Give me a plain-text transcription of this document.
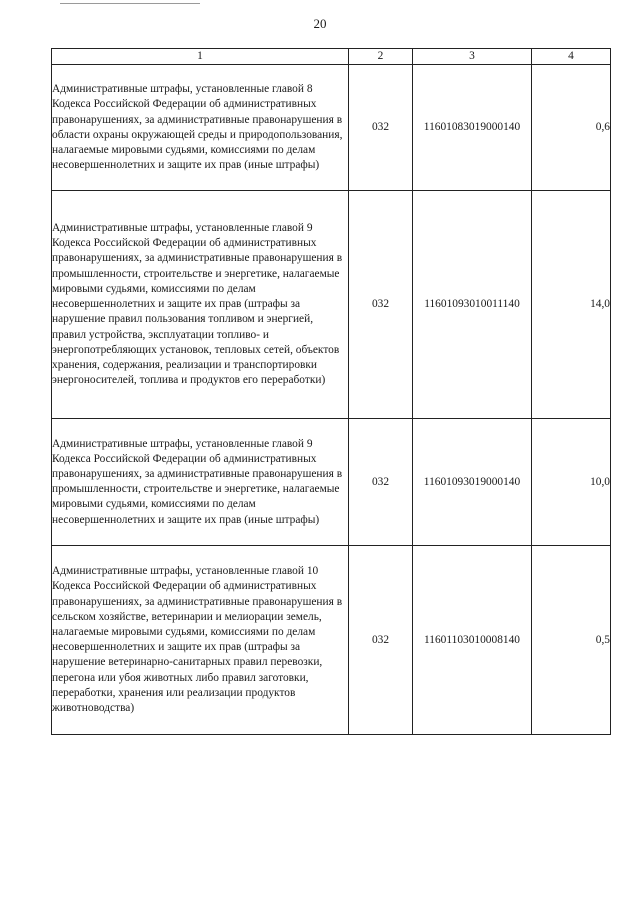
20
1	2	3	4

Административные штрафы, установленные главой 8 Кодекса Российской Федерации об административных правонарушениях, за административные правонарушения в области охраны окружающей среды и природопользования, налагаемые мировыми судьями, комиссиями по делам несовершеннолетних и защите их прав (иные штрафы)	032	11601083019000140	0,6

Административные штрафы, установленные главой 9 Кодекса Российской Федерации об административных правонарушениях, за административные правонарушения в промышленности, строительстве и энергетике, налагаемые мировыми судьями, комиссиями по делам несовершеннолетних и защите их прав (штрафы за нарушение правил пользования топливом и энергией, правил устройства, эксплуатации топливо- и энергопотребляющих установок, тепловых сетей, объектов хранения, содержания, реализации и транспортировки энергоносителей, топлива и продуктов его переработки)	032	11601093010011140	14,0

Административные штрафы, установленные главой 9 Кодекса Российской Федерации об административных правонарушениях, за административные правонарушения в промышленности, строительстве и энергетике, налагаемые мировыми судьями, комиссиями по делам несовершеннолетних и защите их прав (иные штрафы)	032	11601093019000140	10,0

Административные штрафы, установленные главой 10 Кодекса Российской Федерации об административных правонарушениях, за административные правонарушения в сельском хозяйстве, ветеринарии и мелиорации земель, налагаемые мировыми судьями, комиссиями по делам несовершеннолетних и защите их прав (штрафы за нарушение ветеринарно-санитарных правил перевозки, перегона или убоя животных либо правил заготовки, переработки, хранения или реализации продуктов животноводства)	032	11601103010008140	0,5
